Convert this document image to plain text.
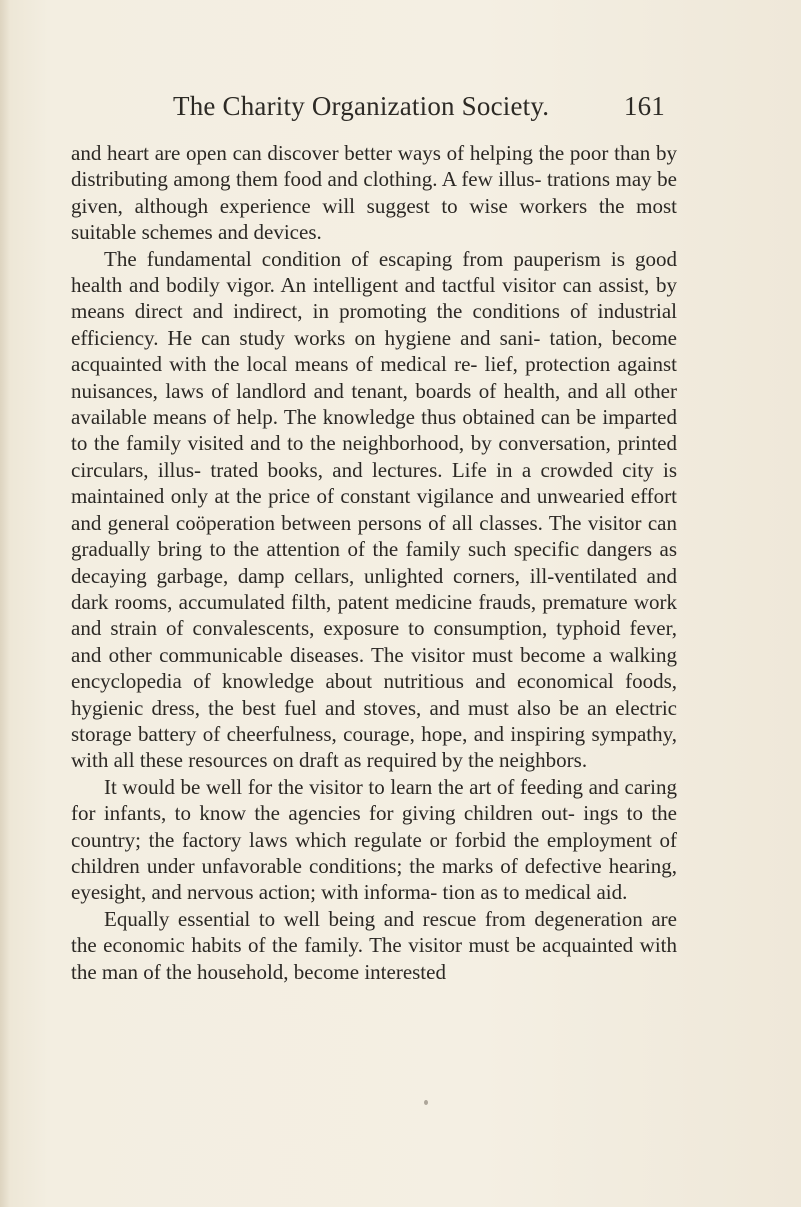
The Charity Organization Society.	161

and heart are open can discover better ways of helping the poor than by distributing among them food and clothing. A few illus- trations may be given, although experience will suggest to wise workers the most suitable schemes and devices.

The fundamental condition of escaping from pauperism is good health and bodily vigor. An intelligent and tactful visitor can assist, by means direct and indirect, in promoting the conditions of industrial efficiency. He can study works on hygiene and sani- tation, become acquainted with the local means of medical re- lief, protection against nuisances, laws of landlord and tenant, boards of health, and all other available means of help. The knowledge thus obtained can be imparted to the family visited and to the neighborhood, by conversation, printed circulars, illus- trated books, and lectures. Life in a crowded city is maintained only at the price of constant vigilance and unwearied effort and general coöperation between persons of all classes. The visitor can gradually bring to the attention of the family such specific dangers as decaying garbage, damp cellars, unlighted corners, ill-ventilated and dark rooms, accumulated filth, patent medicine frauds, premature work and strain of convalescents, exposure to consumption, typhoid fever, and other communicable diseases. The visitor must become a walking encyclopedia of knowledge about nutritious and economical foods, hygienic dress, the best fuel and stoves, and must also be an electric storage battery of cheerfulness, courage, hope, and inspiring sympathy, with all these resources on draft as required by the neighbors.

It would be well for the visitor to learn the art of feeding and caring for infants, to know the agencies for giving children out- ings to the country; the factory laws which regulate or forbid the employment of children under unfavorable conditions; the marks of defective hearing, eyesight, and nervous action; with informa- tion as to medical aid.

Equally essential to well being and rescue from degeneration are the economic habits of the family. The visitor must be acquainted with the man of the household, become interested
